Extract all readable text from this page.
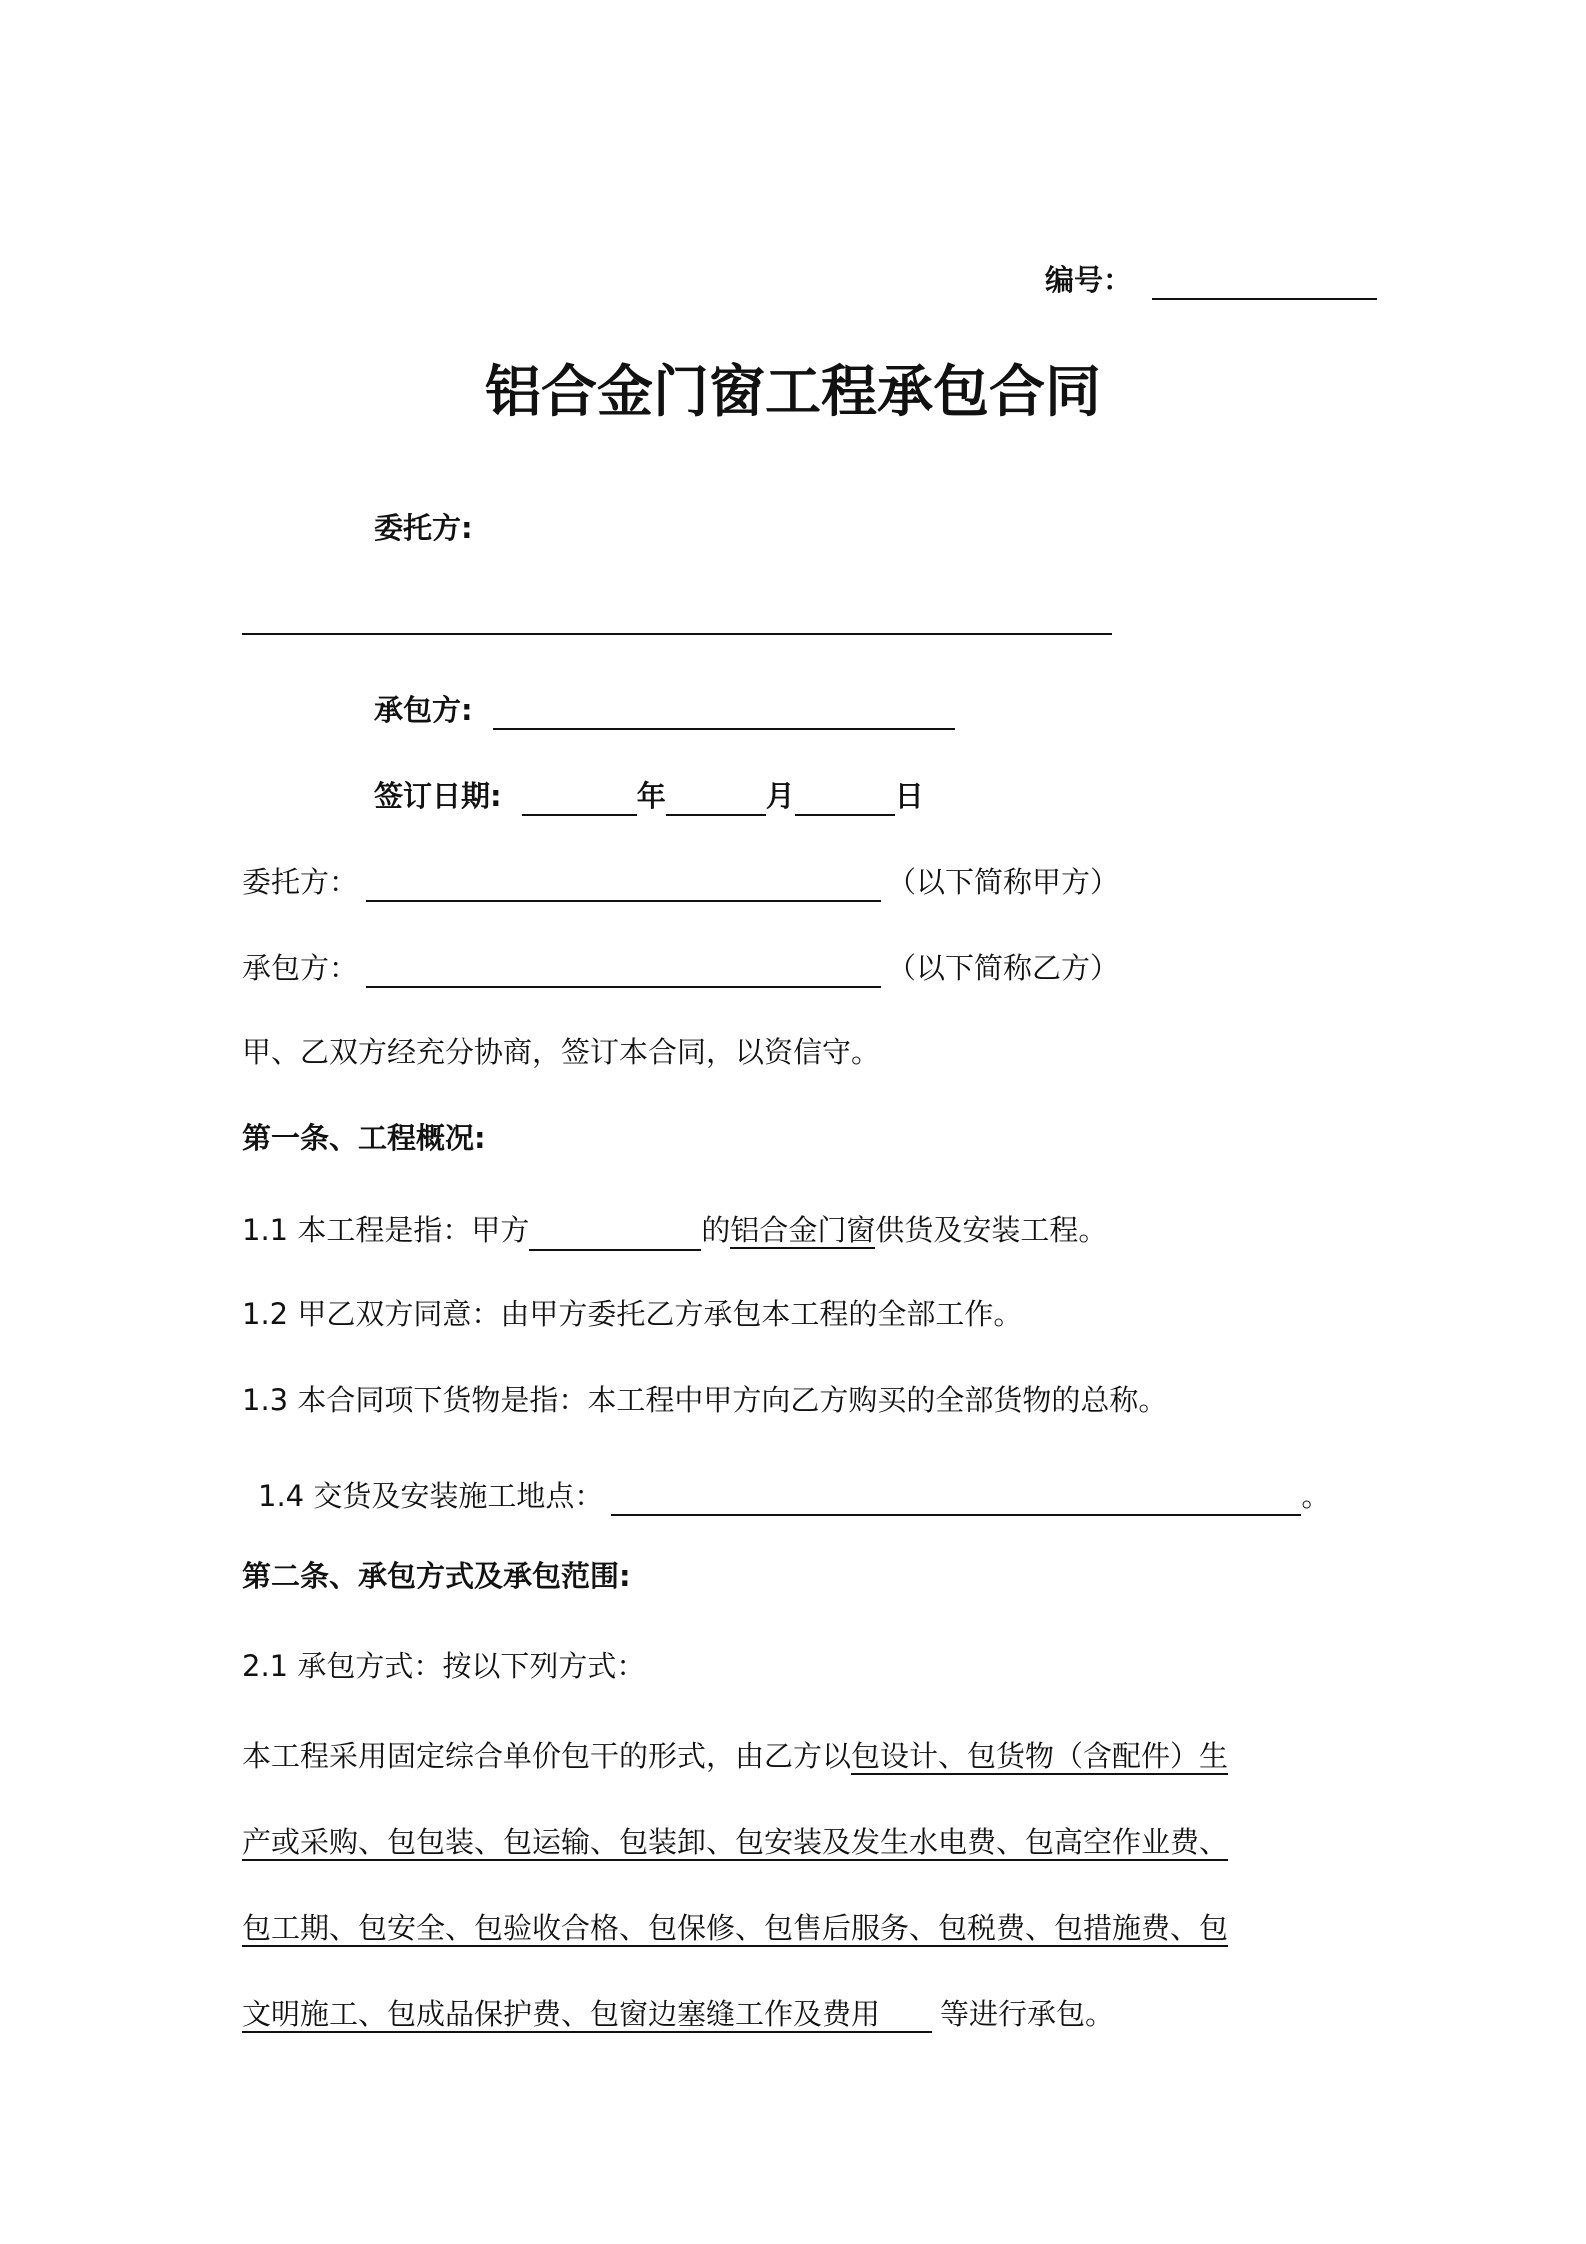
编号：
铝合金门窗工程承包合同
委托方:
承包方:
签订日期:	年	月	日
委托方：	（以下简称甲方）
承包方：	（以下简称乙方）
甲、乙双方经充分协商，签订本合同，以资信守。
第一条、工程概况:
1.1 本工程是指：甲方	的铝合金门窗供货及安装工程。
1.2 甲乙双方同意：由甲方委托乙方承包本工程的全部工作。
1.3 本合同项下货物是指：本工程中甲方向乙方购买的全部货物的总称。
1.4 交货及安装施工地点：	。
第二条、承包方式及承包范围:
2.1 承包方式：按以下列方式：
本工程采用固定综合单价包干的形式，由乙方以包设计、包货物（含配件）生
产或采购、包包装、包运输、包装卸、包安装及发生水电费、包高空作业费、
包工期、包安全、包验收合格、包保修、包售后服务、包税费、包措施费、包
文明施工、包成品保护费、包窗边塞缝工作及费用 等进行承包。
